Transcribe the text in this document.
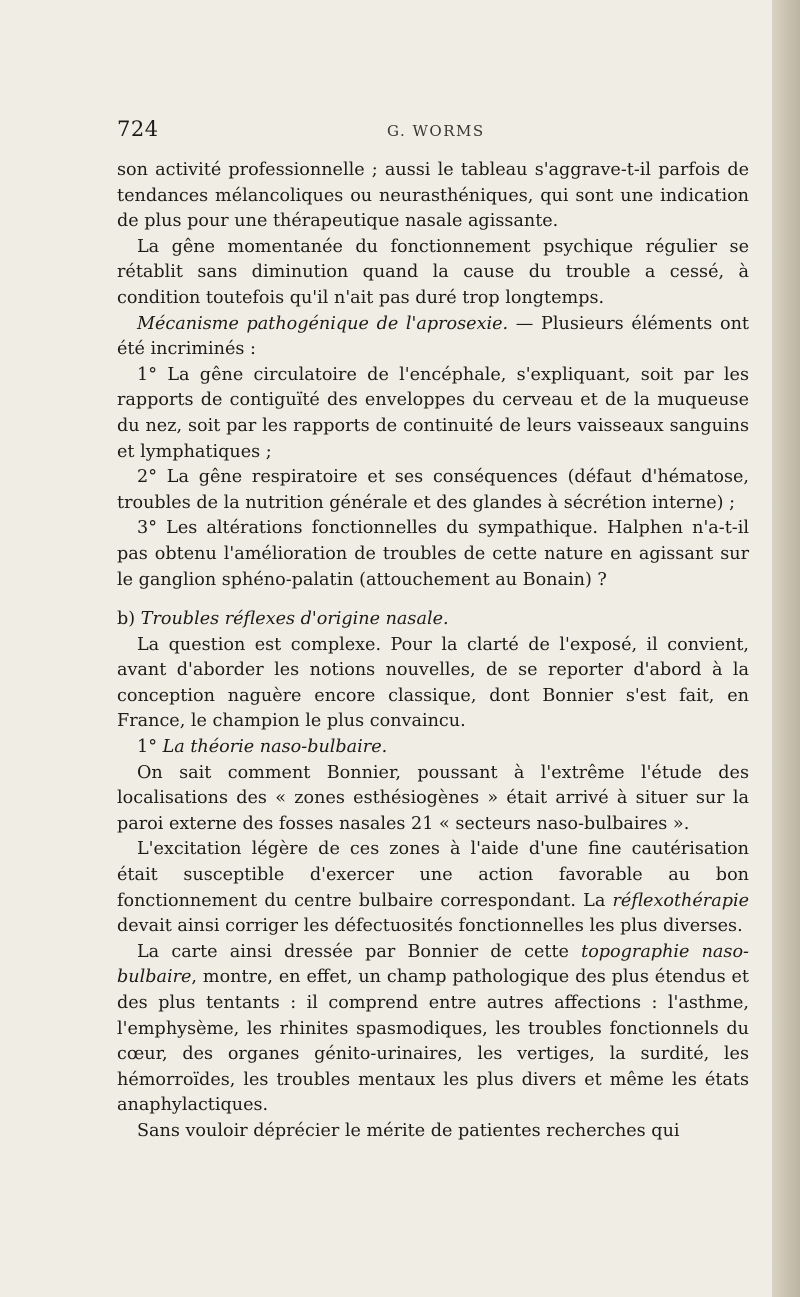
724	G. WORMS

son activité professionnelle ; aussi le tableau s'aggrave-t-il parfois de tendances mélancoliques ou neurasthéniques, qui sont une indication de plus pour une thérapeutique nasale agissante.

La gêne momentanée du fonctionnement psychique régulier se rétablit sans diminution quand la cause du trouble a cessé, à condition toutefois qu'il n'ait pas duré trop longtemps.

Mécanisme pathogénique de l'aprosexie. — Plusieurs éléments ont été incriminés :

1° La gêne circulatoire de l'encéphale, s'expliquant, soit par les rapports de contiguïté des enveloppes du cerveau et de la muqueuse du nez, soit par les rapports de continuité de leurs vaisseaux sanguins et lymphatiques ;

2° La gêne respiratoire et ses conséquences (défaut d'hématose, troubles de la nutrition générale et des glandes à sécrétion interne) ;

3° Les altérations fonctionnelles du sympathique. Halphen n'a-t-il pas obtenu l'amélioration de troubles de cette nature en agissant sur le ganglion sphéno-palatin (attouchement au Bonain) ?

b) Troubles réflexes d'origine nasale.

La question est complexe. Pour la clarté de l'exposé, il convient, avant d'aborder les notions nouvelles, de se reporter d'abord à la conception naguère encore classique, dont Bonnier s'est fait, en France, le champion le plus convaincu.

1° La théorie naso-bulbaire.

On sait comment Bonnier, poussant à l'extrême l'étude des localisations des « zones esthésiogènes » était arrivé à situer sur la paroi externe des fosses nasales 21 « secteurs naso-bulbaires ».

L'excitation légère de ces zones à l'aide d'une fine cautérisation était susceptible d'exercer une action favorable au bon fonctionnement du centre bulbaire correspondant. La réflexothérapie devait ainsi corriger les défectuosités fonctionnelles les plus diverses.

La carte ainsi dressée par Bonnier de cette topographie naso-bulbaire, montre, en effet, un champ pathologique des plus étendus et des plus tentants : il comprend entre autres affections : l'asthme, l'emphysème, les rhinites spasmodiques, les troubles fonctionnels du cœur, des organes génito-urinaires, les vertiges, la surdité, les hémorroïdes, les troubles mentaux les plus divers et même les états anaphylactiques.

Sans vouloir déprécier le mérite de patientes recherches qui
